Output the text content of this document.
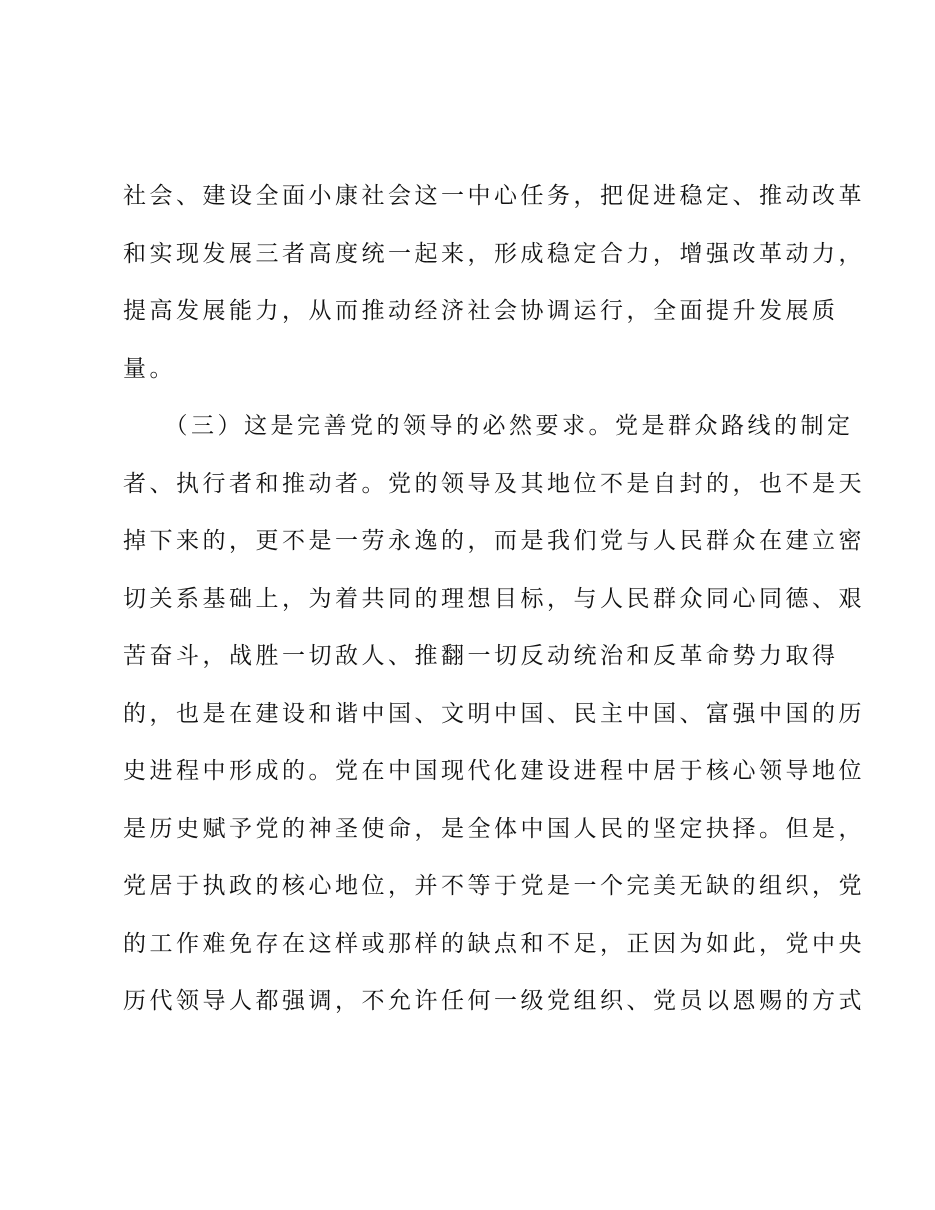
社会、建设全面小康社会这一中心任务，把促进稳定、推动改革
和实现发展三者高度统一起来，形成稳定合力，增强改革动力，
提高发展能力，从而推动经济社会协调运行，全面提升发展质
量。
　　（三）这是完善党的领导的必然要求。党是群众路线的制定
者、执行者和推动者。党的领导及其地位不是自封的，也不是天
掉下来的，更不是一劳永逸的，而是我们党与人民群众在建立密
切关系基础上，为着共同的理想目标，与人民群众同心同德、艰
苦奋斗，战胜一切敌人、推翻一切反动统治和反革命势力取得
的，也是在建设和谐中国、文明中国、民主中国、富强中国的历
史进程中形成的。党在中国现代化建设进程中居于核心领导地位
是历史赋予党的神圣使命，是全体中国人民的坚定抉择。但是，
党居于执政的核心地位，并不等于党是一个完美无缺的组织，党
的工作难免存在这样或那样的缺点和不足，正因为如此，党中央
历代领导人都强调，不允许任何一级党组织、党员以恩赐的方式
